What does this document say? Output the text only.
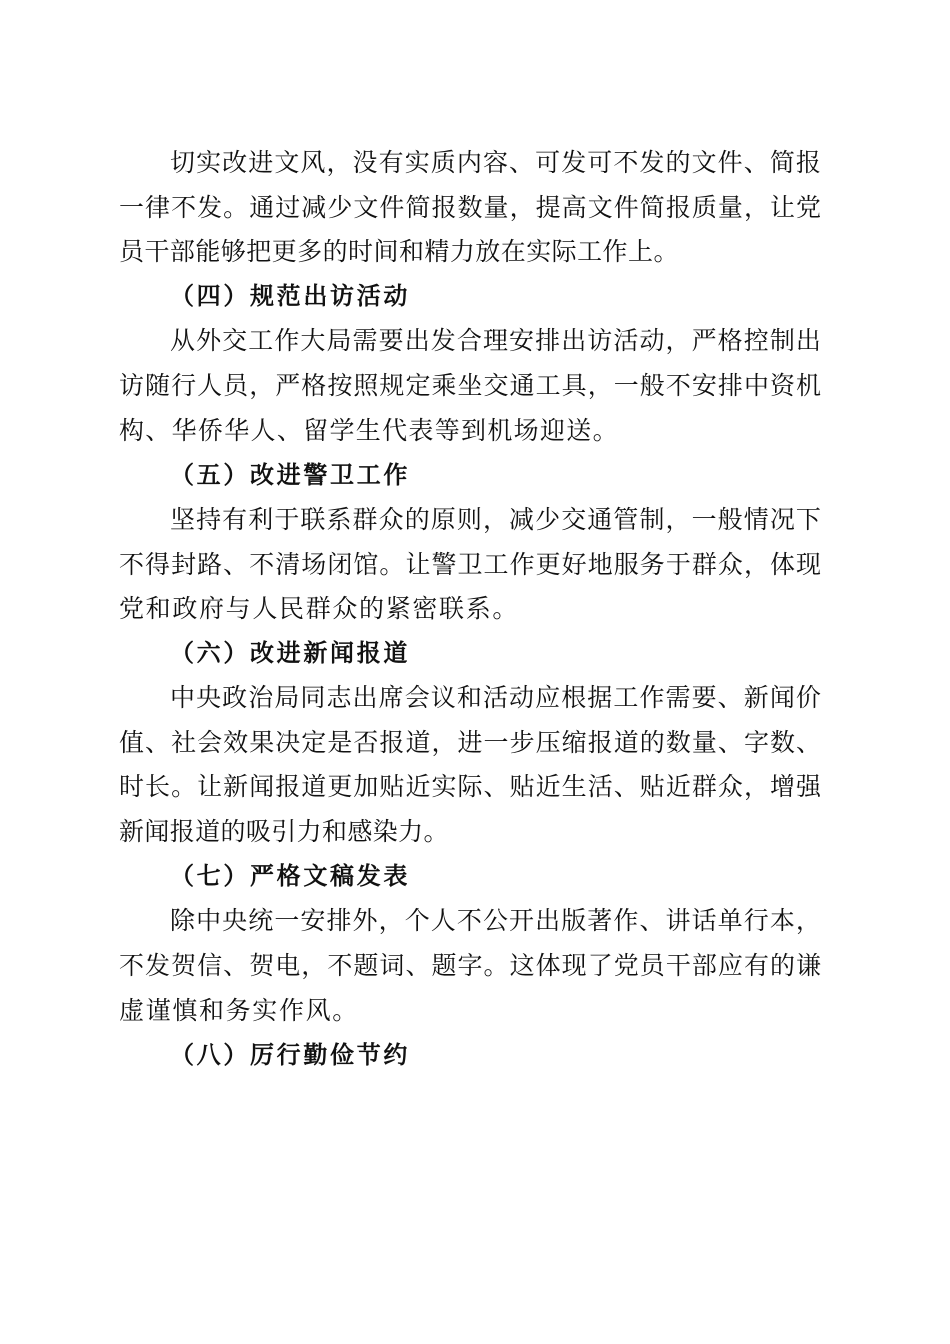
切实改进文风，没有实质内容、可发可不发的文件、简报
一律不发。通过减少文件简报数量，提高文件简报质量，让党
员干部能够把更多的时间和精力放在实际工作上。
（四）规范出访活动
从外交工作大局需要出发合理安排出访活动，严格控制出
访随行人员，严格按照规定乘坐交通工具，一般不安排中资机
构、华侨华人、留学生代表等到机场迎送。
（五）改进警卫工作
坚持有利于联系群众的原则，减少交通管制，一般情况下
不得封路、不清场闭馆。让警卫工作更好地服务于群众，体现
党和政府与人民群众的紧密联系。
（六）改进新闻报道
中央政治局同志出席会议和活动应根据工作需要、新闻价
值、社会效果决定是否报道，进一步压缩报道的数量、字数、
时长。让新闻报道更加贴近实际、贴近生活、贴近群众，增强
新闻报道的吸引力和感染力。
（七）严格文稿发表
除中央统一安排外，个人不公开出版著作、讲话单行本，
不发贺信、贺电，不题词、题字。这体现了党员干部应有的谦
虚谨慎和务实作风。
（八）厉行勤俭节约
